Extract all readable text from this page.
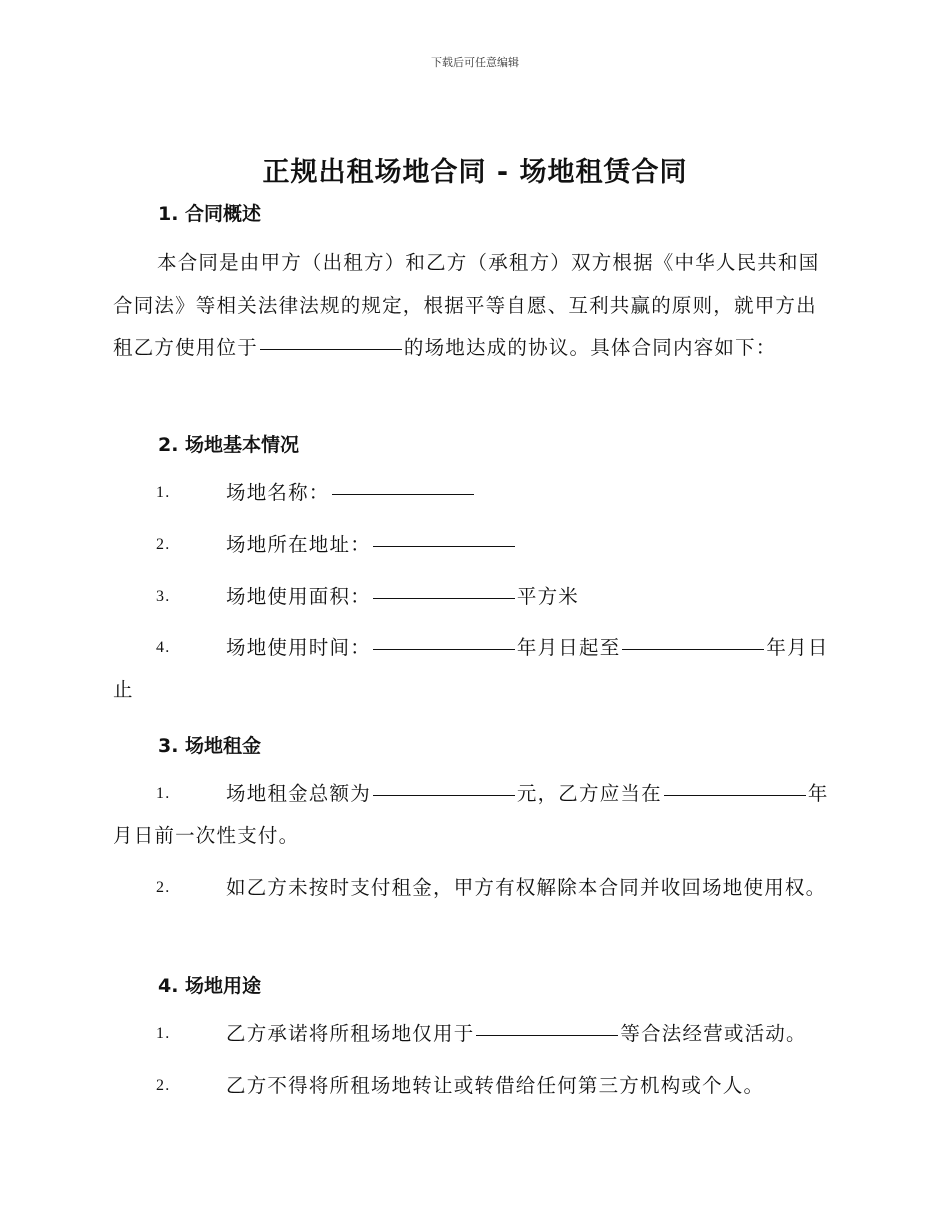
下载后可任意编辑
正规出租场地合同 - 场地租赁合同
1. 合同概述
本合同是由甲方（出租方）和乙方（承租方）双方根据《中华人民共和国合同法》等相关法律法规的规定，根据平等自愿、互利共赢的原则，就甲方出租乙方使用位于	的场地达成的协议。具体合同内容如下：
2. 场地基本情况
1.	场地名称：
2.	场地所在地址：
3.	场地使用面积：	平方米
4.	场地使用时间：	年月日起至	年月日止
3. 场地租金
1.	场地租金总额为	元，乙方应当在	年月日前一次性支付。
2.	如乙方未按时支付租金，甲方有权解除本合同并收回场地使用权。
4. 场地用途
1.	乙方承诺将所租场地仅用于	等合法经营或活动。
2.	乙方不得将所租场地转让或转借给任何第三方机构或个人。
